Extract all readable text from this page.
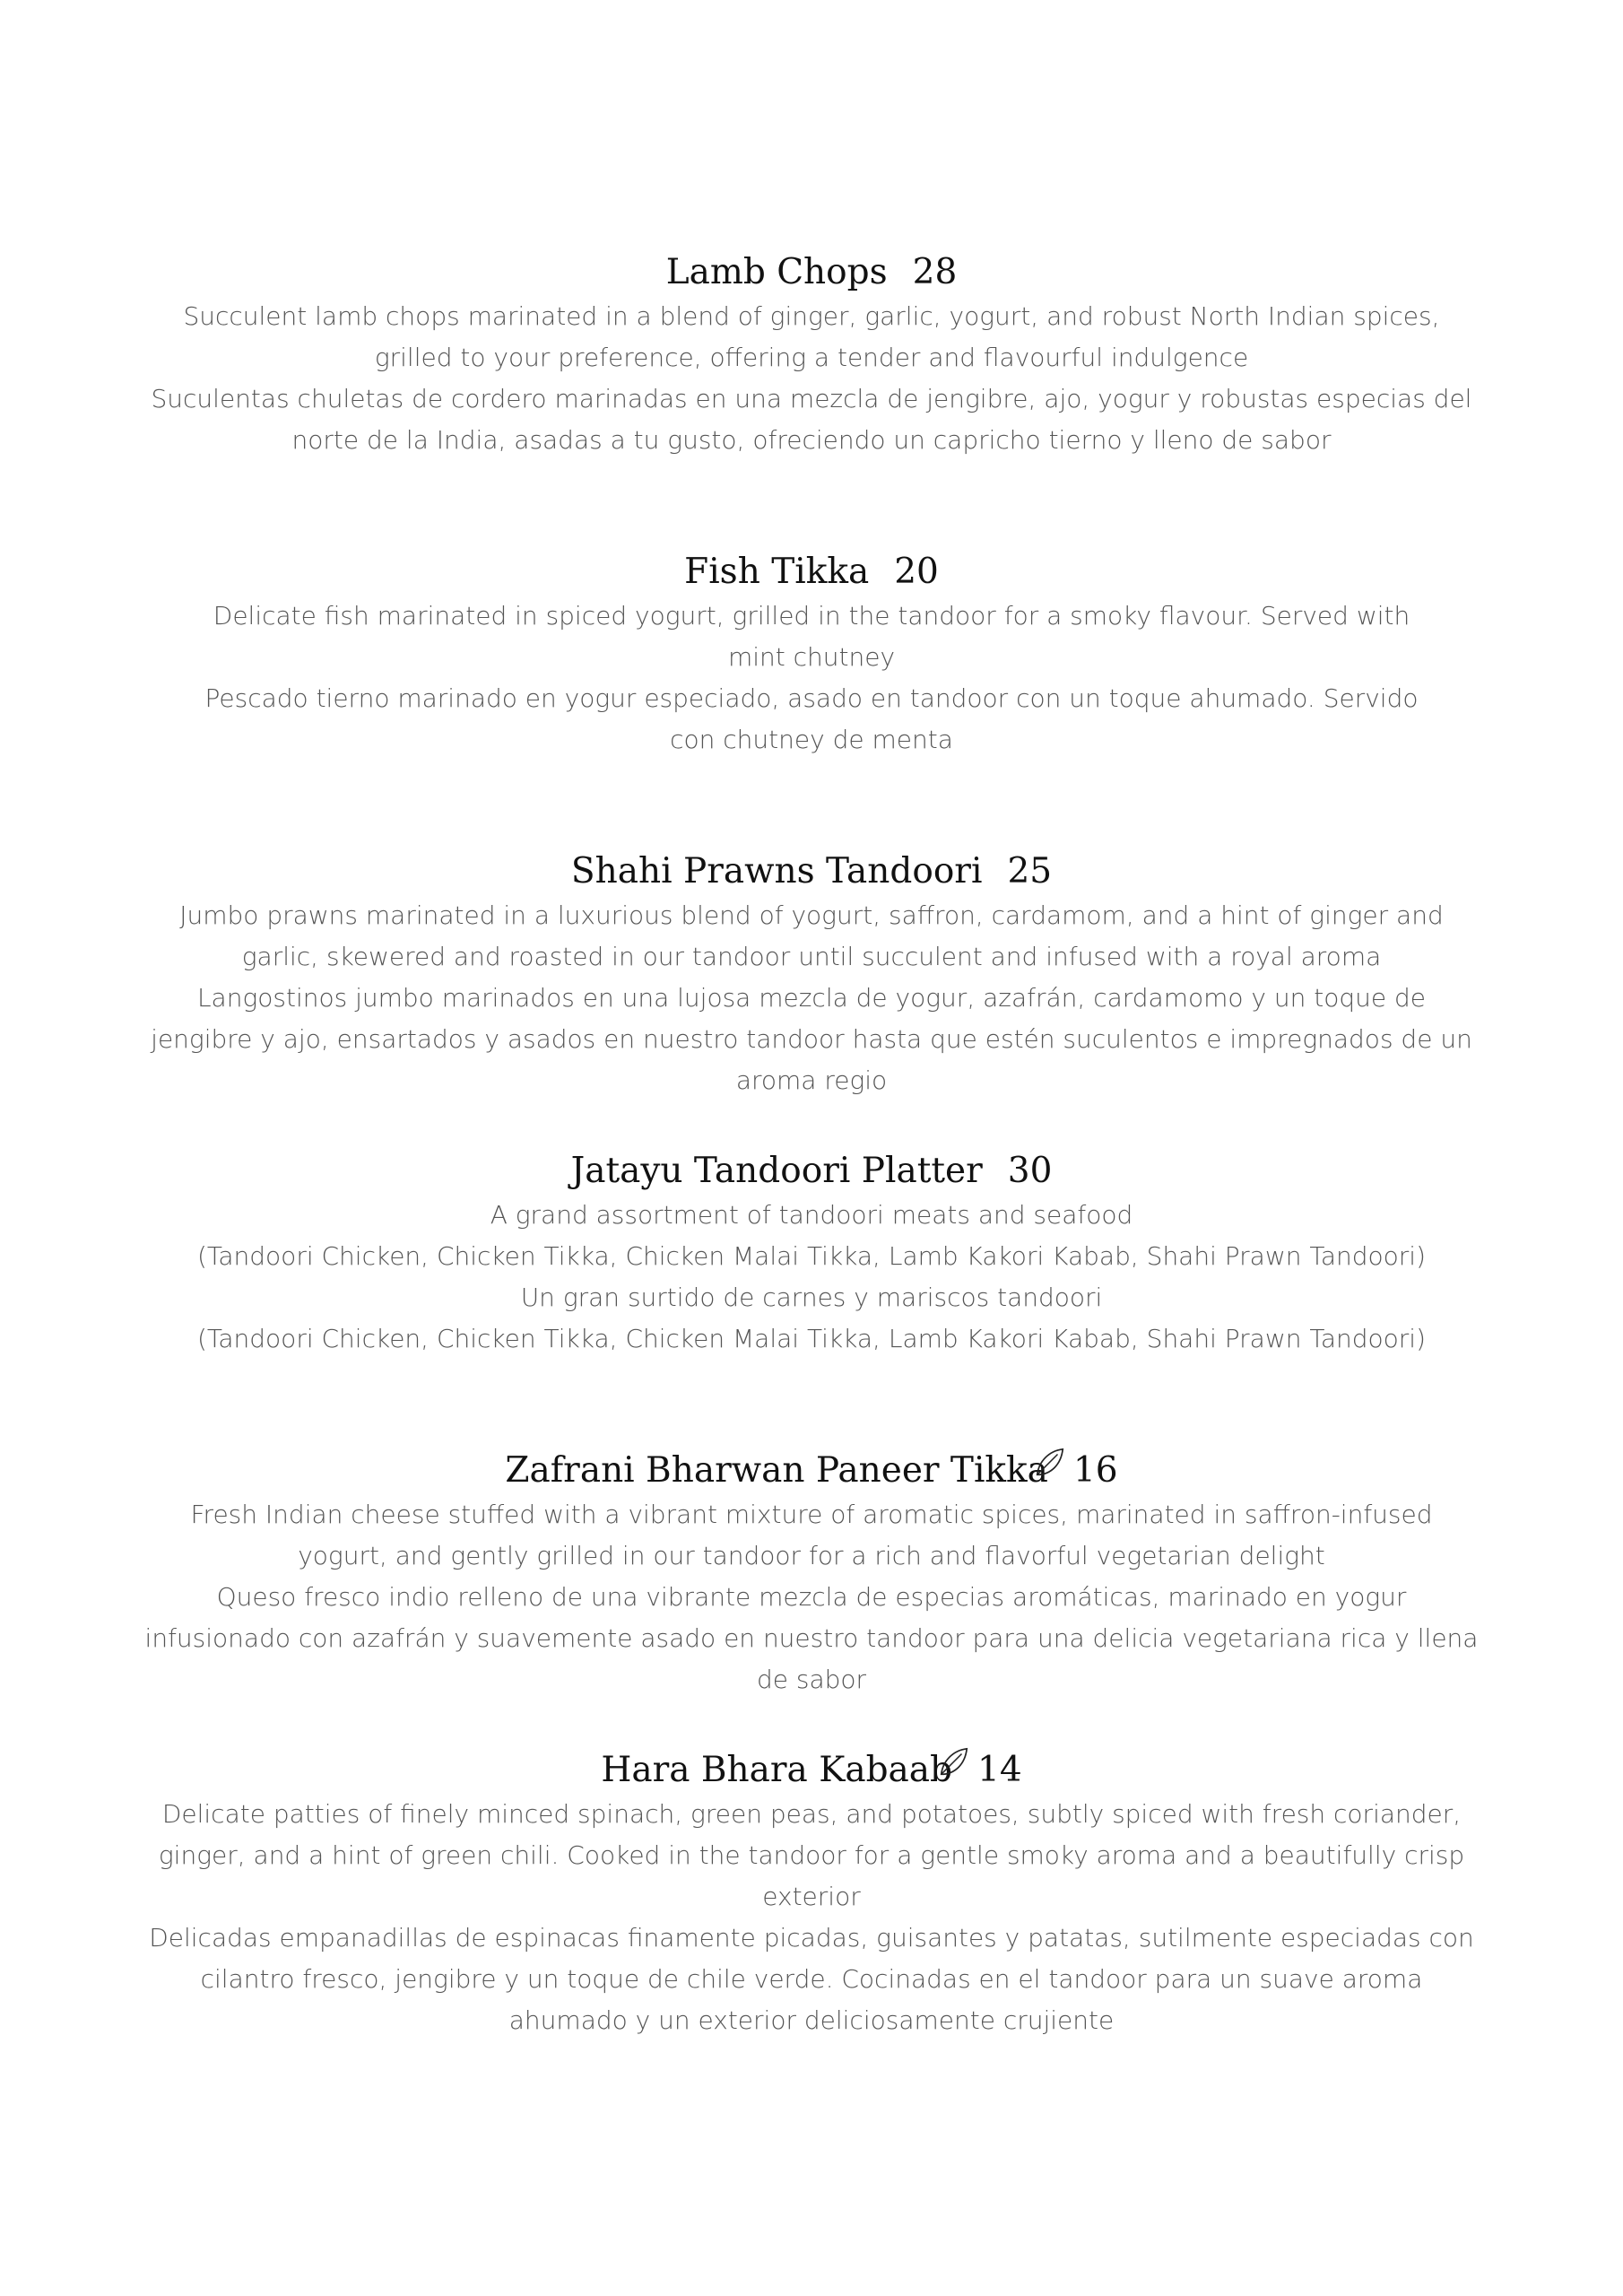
Lamb Chops 28

Succulent lamb chops marinated in a blend of ginger, garlic, yogurt, and robust North Indian spices, grilled to your preference, offering a tender and flavourful indulgence

Suculentas chuletas de cordero marinadas en una mezcla de jengibre, ajo, yogur y robustas especias del norte de la India, asadas a tu gusto, ofreciendo un capricho tierno y lleno de sabor

Fish Tikka 20

Delicate fish marinated in spiced yogurt, grilled in the tandoor for a smoky flavour. Served with mint chutney

Pescado tierno marinado en yogur especiado, asado en tandoor con un toque ahumado. Servido con chutney de menta

Shahi Prawns Tandoori 25

Jumbo prawns marinated in a luxurious blend of yogurt, saffron, cardamom, and a hint of ginger and garlic, skewered and roasted in our tandoor until succulent and infused with a royal aroma

Langostinos jumbo marinados en una lujosa mezcla de yogur, azafrán, cardamomo y un toque de jengibre y ajo, ensartados y asados en nuestro tandoor hasta que estén suculentos e impregnados de un aroma regio

Jatayu Tandoori Platter 30

A grand assortment of tandoori meats and seafood

(Tandoori Chicken, Chicken Tikka, Chicken Malai Tikka, Lamb Kakori Kabab, Shahi Prawn Tandoori)

Un gran surtido de carnes y mariscos tandoori

(Tandoori Chicken, Chicken Tikka, Chicken Malai Tikka, Lamb Kakori Kabab, Shahi Prawn Tandoori)

Zafrani Bharwan Paneer Tikka 16

Fresh Indian cheese stuffed with a vibrant mixture of aromatic spices, marinated in saffron-infused yogurt, and gently grilled in our tandoor for a rich and flavorful vegetarian delight

Queso fresco indio relleno de una vibrante mezcla de especias aromáticas, marinado en yogur infusionado con azafrán y suavemente asado en nuestro tandoor para una delicia vegetariana rica y llena de sabor

Hara Bhara Kabaab 14

Delicate patties of finely minced spinach, green peas, and potatoes, subtly spiced with fresh coriander, ginger, and a hint of green chili. Cooked in the tandoor for a gentle smoky aroma and a beautifully crisp exterior

Delicadas empanadillas de espinacas finamente picadas, guisantes y patatas, sutilmente especiadas con cilantro fresco, jengibre y un toque de chile verde. Cocinadas en el tandoor para un suave aroma ahumado y un exterior deliciosamente crujiente
